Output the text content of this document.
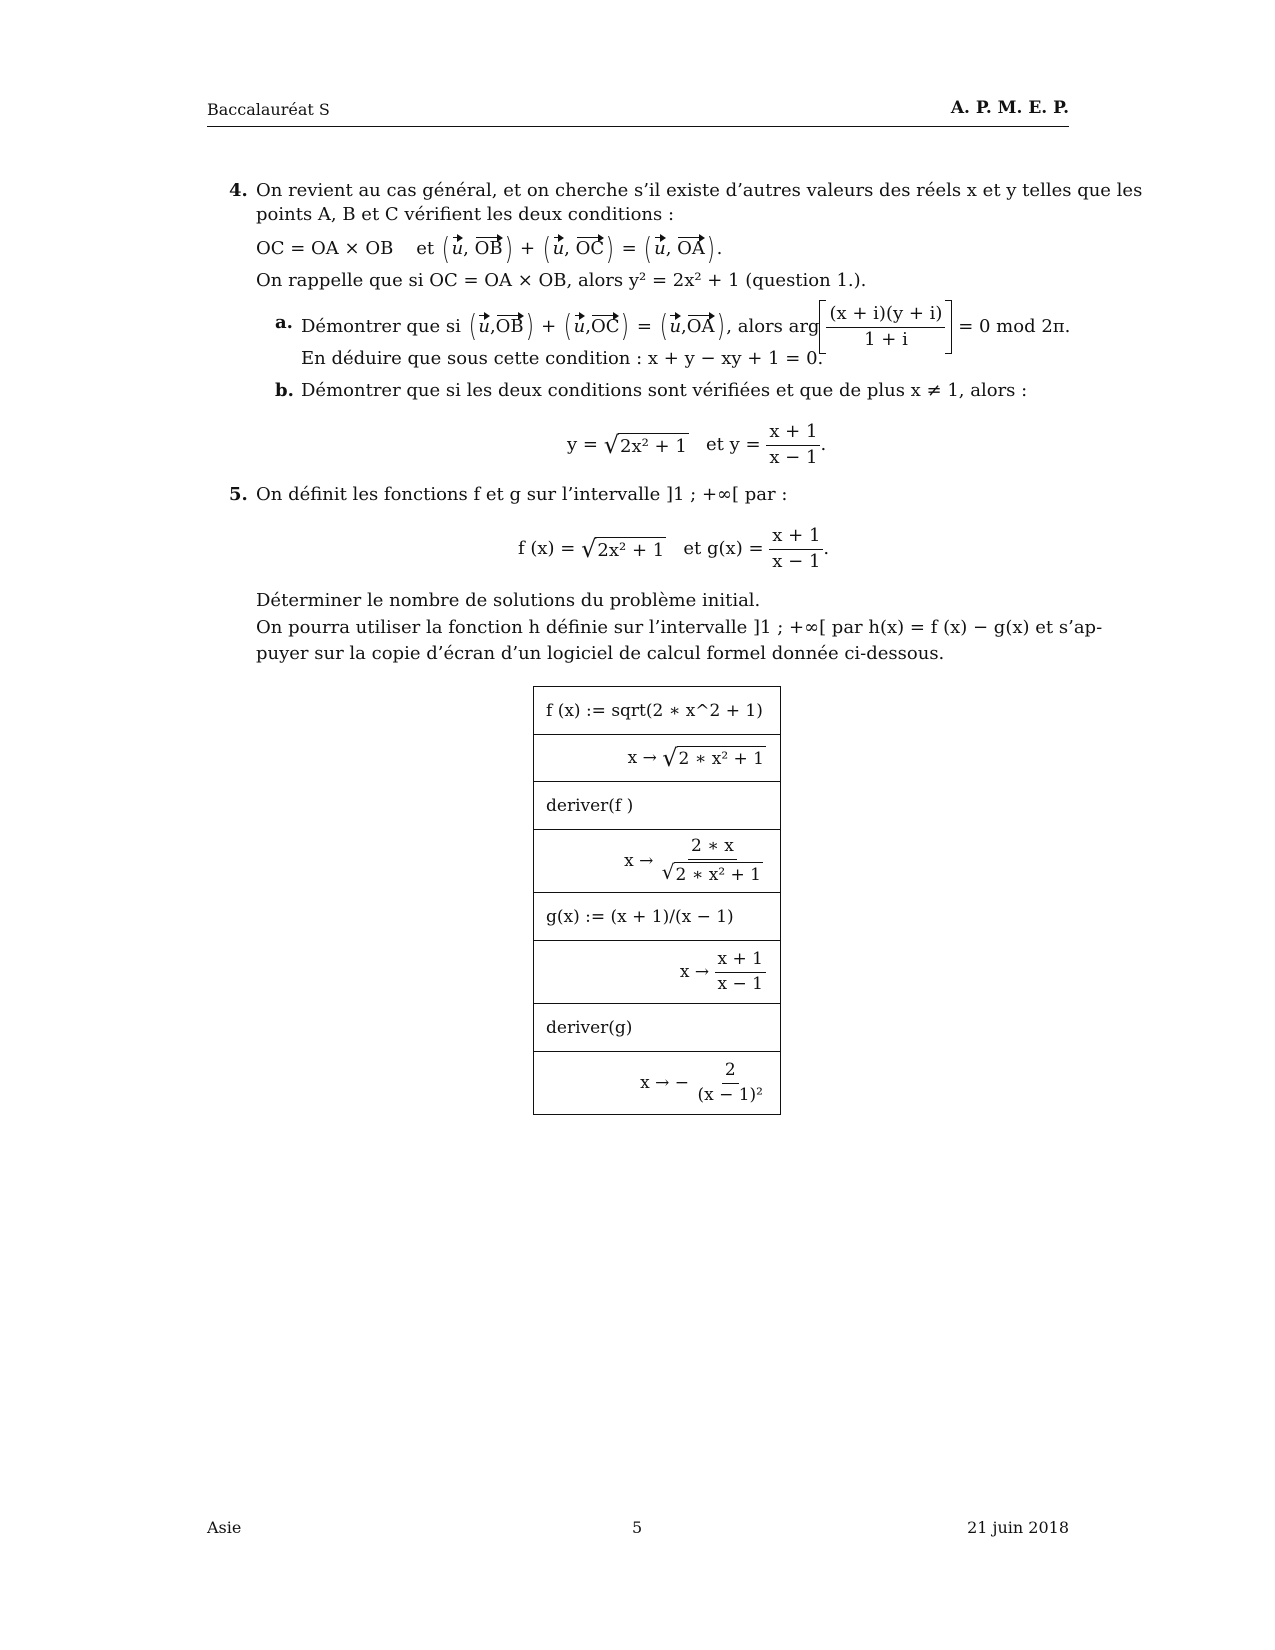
Baccalauréat S	A. P. M. E. P.
4. On revient au cas général, et on cherche s’il existe d’autres valeurs des réels x et y telles que les
points A, B et C vérifient les deux conditions :
OC = OA × OB et (u, OB) + (u, OC) = (u, OA).
On rappelle que si OC = OA × OB, alors y² = 2x² + 1 (question 1.).
a. Démontrer que si
( u , OB ) + ( u , OC ) = ( u , OA ) , alors arg $\frac{(x + i)(y + i)}{1 + i}$
= 0 mod 2π.
En déduire que sous cette condition : x + y − xy + 1 = 0.
b. Démontrer que si les deux conditions sont vérifiées et que de plus x ≠ 1, alors :
y =
√ 2x² + 1
et y =
$\frac{x + 1}{x - 1}$ .
5. On définit les fonctions f et g sur l’intervalle ]1 ; +∞[ par :
f (x) =
√ 2x² + 1
et g(x) =
$\frac{x + 1}{x - 1}$ .
Déterminer le nombre de solutions du problème initial.
On pourra utiliser la fonction h définie sur l’intervalle ]1 ; +∞[ par h(x) = f (x) − g(x) et s’ap-
puyer sur la copie d’écran d’un logiciel de calcul formel donnée ci-dessous.
f (x) := sqrt(2 ∗ x^2 + 1)
x →
√ 2 ∗ x² + 1
deriver(f )
x →
$\frac{2 ∗ x}{\text{√ 2 ∗ x² + 1}}$
g(x) := (x + 1)/(x − 1)
x →
$\frac{x + 1}{x - 1}$
deriver(g)
x → −
$\frac{2}{\text{(x − 1)²}}$
Asie	5	21 juin 2018
